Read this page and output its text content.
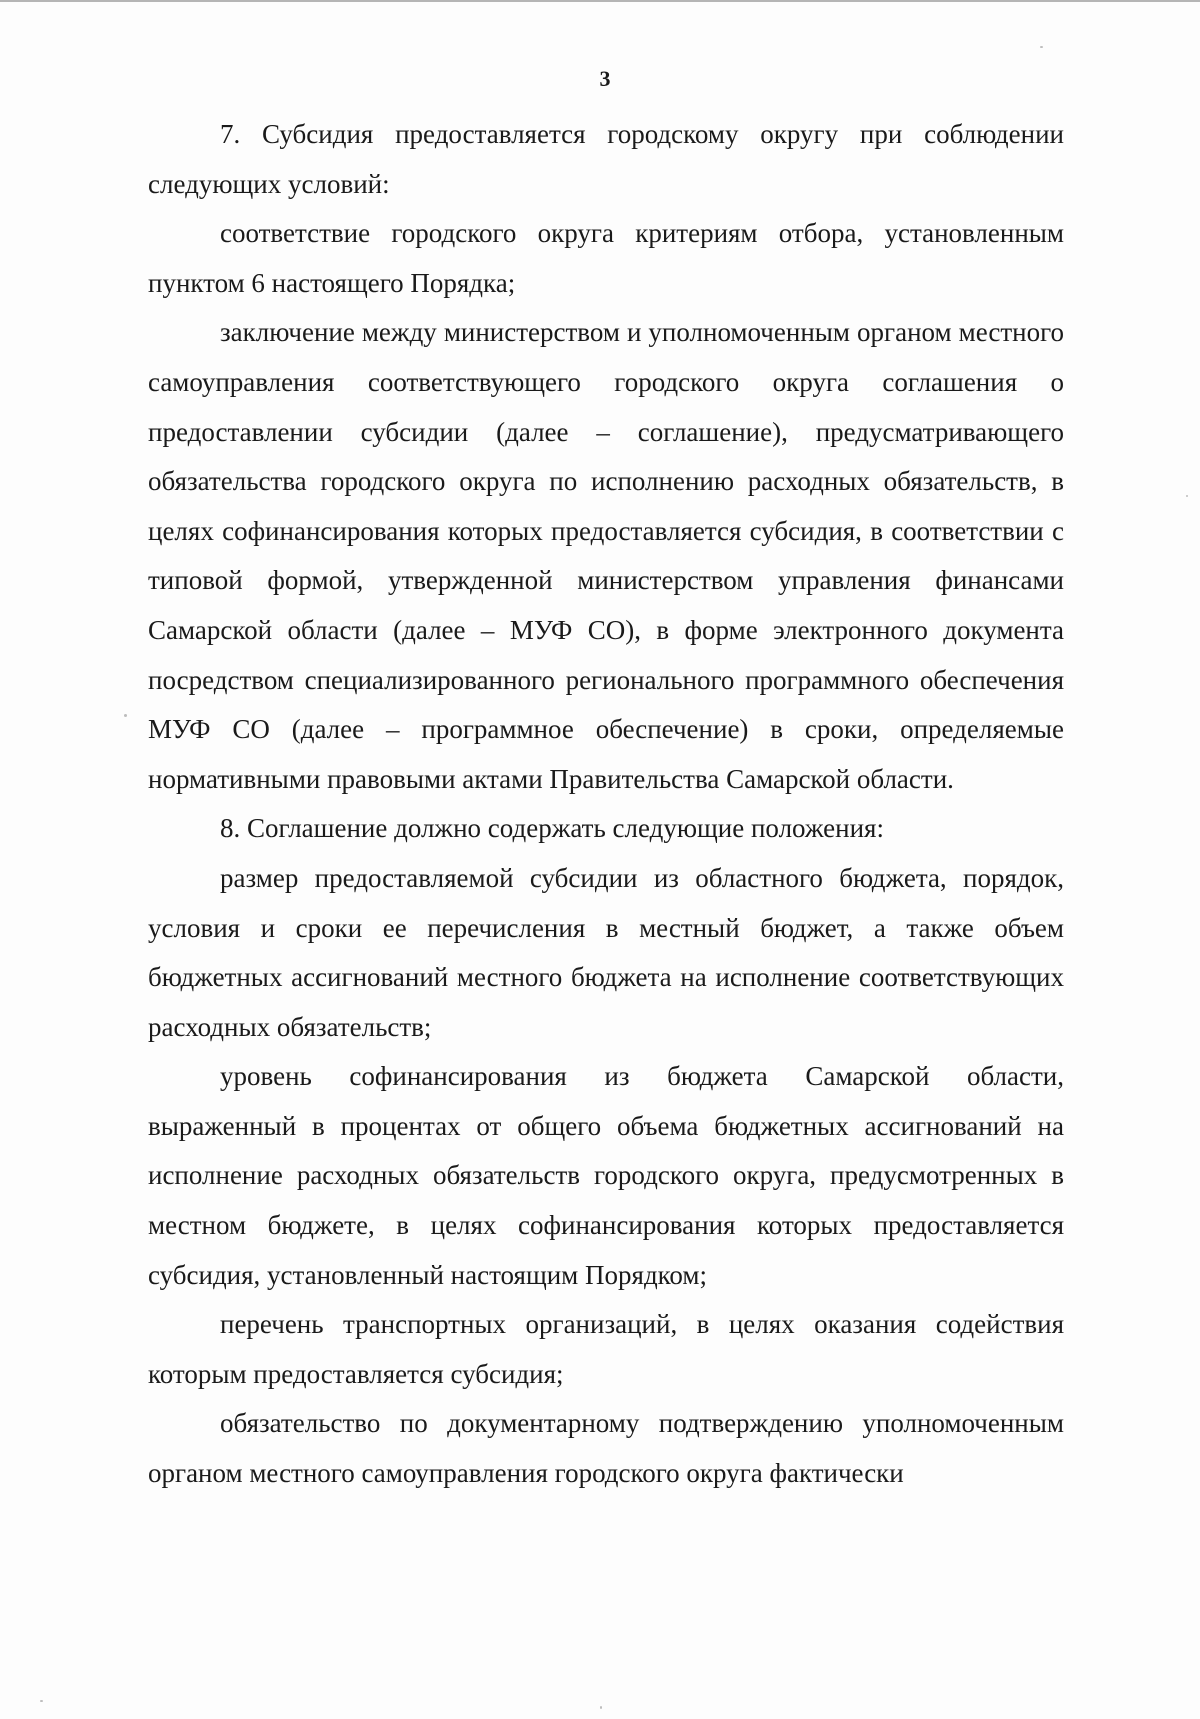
3

7. Субсидия предоставляется городскому округу при соблюдении следующих условий:

соответствие городского округа критериям отбора, установленным пунктом 6 настоящего Порядка;

заключение между министерством и уполномоченным органом местного самоуправления соответствующего городского округа соглашения о предоставлении субсидии (далее – соглашение), предусматривающего обязательства городского округа по исполнению расходных обязательств, в целях софинансирования которых предоставляется субсидия, в соответствии с типовой формой, утвержденной министерством управления финансами Самарской области (далее – МУФ СО), в форме электронного документа посредством специализированного регионального программного обеспечения МУФ СО (далее – программное обеспечение) в сроки, определяемые нормативными правовыми актами Правительства Самарской области.

8. Соглашение должно содержать следующие положения:

размер предоставляемой субсидии из областного бюджета, порядок, условия и сроки ее перечисления в местный бюджет, а также объем бюджетных ассигнований местного бюджета на исполнение соответствующих расходных обязательств;

уровень софинансирования из бюджета Самарской области, выраженный в процентах от общего объема бюджетных ассигнований на исполнение расходных обязательств городского округа, предусмотренных в местном бюджете, в целях софинансирования которых предоставляется субсидия, установленный настоящим Порядком;

перечень транспортных организаций, в целях оказания содействия которым предоставляется субсидия;

обязательство по документарному подтверждению уполномоченным органом местного самоуправления городского округа фактически
